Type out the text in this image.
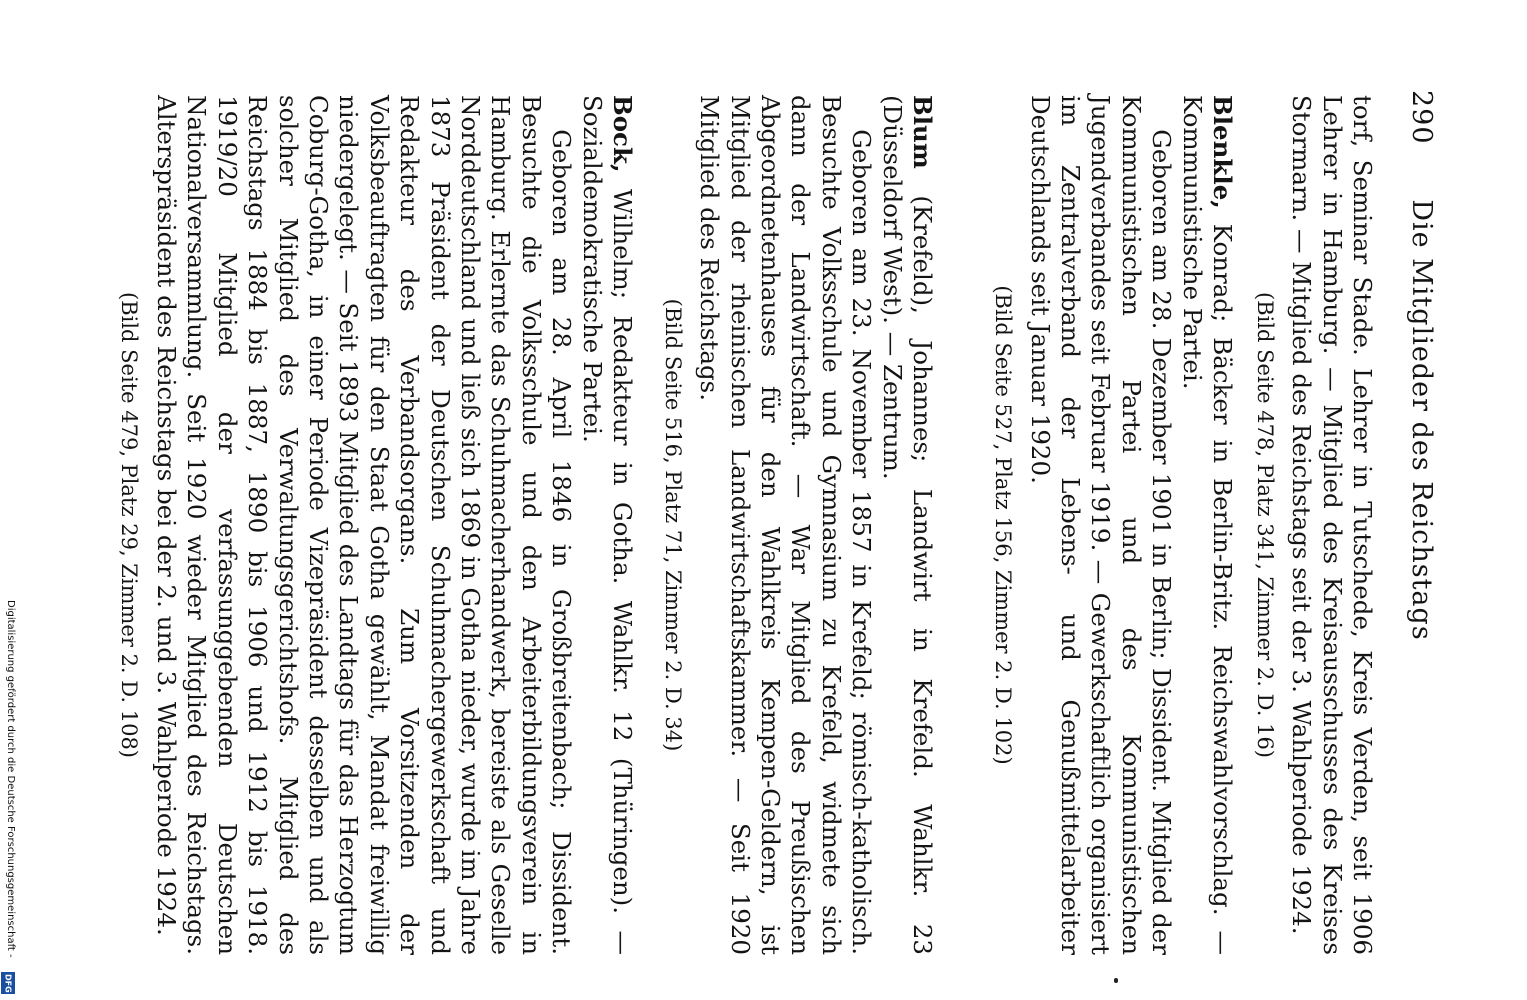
290
Die Mitglieder des Reichstags

torf, Seminar Stade. Lehrer in Tutschede, Kreis Verden, seit 1906 Lehrer in Hamburg. — Mitglied des Kreisausschusses des Kreises Stormarn. — Mitglied des Reichstags seit der 3. Wahlperiode 1924.

(Bild Seite 478, Platz 341, Zimmer 2. D. 16)

Blenkle, Konrad; Bäcker in Berlin-Britz. Reichswahlvorschlag. — Kommunistische Partei.

Geboren am 28. Dezember 1901 in Berlin; Dissident. Mitglied der Kommunistischen Partei und des Kommunistischen Jugendverbandes seit Februar 1919. — Gewerkschaftlich organisiert im Zentralverband der Lebens- und Genußmittelarbeiter Deutschlands seit Januar 1920.

(Bild Seite 527, Platz 156, Zimmer 2. D. 102)

Blum (Krefeld), Johannes; Landwirt in Krefeld. Wahlkr. 23 (Düsseldorf West). — Zentrum.

Geboren am 23. November 1857 in Krefeld; römisch-katholisch. Besuchte Volksschule und Gymnasium zu Krefeld, widmete sich dann der Landwirtschaft. — War Mitglied des Preußischen Abgeordnetenhauses für den Wahlkreis Kempen-Geldern, ist Mitglied der rheinischen Landwirtschaftskammer. — Seit 1920 Mitglied des Reichstags.

(Bild Seite 516, Platz 71, Zimmer 2. D. 34)

Bock, Wilhelm; Redakteur in Gotha. Wahlkr. 12 (Thüringen). — Sozialdemokratische Partei.

Geboren am 28. April 1846 in Großbreitenbach; Dissident. Besuchte die Volksschule und den Arbeiterbildungsverein in Hamburg. Erlernte das Schuhmacherhandwerk, bereiste als Geselle Norddeutschland und ließ sich 1869 in Gotha nieder, wurde im Jahre 1873 Präsident der Deutschen Schuhmachergewerkschaft und Redakteur des Verbandsorgans. Zum Vorsitzenden der Volksbeauftragten für den Staat Gotha gewählt, Mandat freiwillig niedergelegt. — Seit 1893 Mitglied des Landtags für das Herzogtum Coburg-Gotha, in einer Periode Vizepräsident desselben und als solcher Mitglied des Verwaltungsgerichtshofs. Mitglied des Reichstags 1884 bis 1887, 1890 bis 1906 und 1912 bis 1918. 1919/20 Mitglied der verfassunggebenden Deutschen Nationalversammlung. Seit 1920 wieder Mitglied des Reichstags. Alterspräsident des Reichstags bei der 2. und 3. Wahlperiode 1924.

(Bild Seite 479, Platz 29, Zimmer 2. D. 108)

Digitalisierung gefördert durch die Deutsche Forschungsgemeinschaft -
DFG
